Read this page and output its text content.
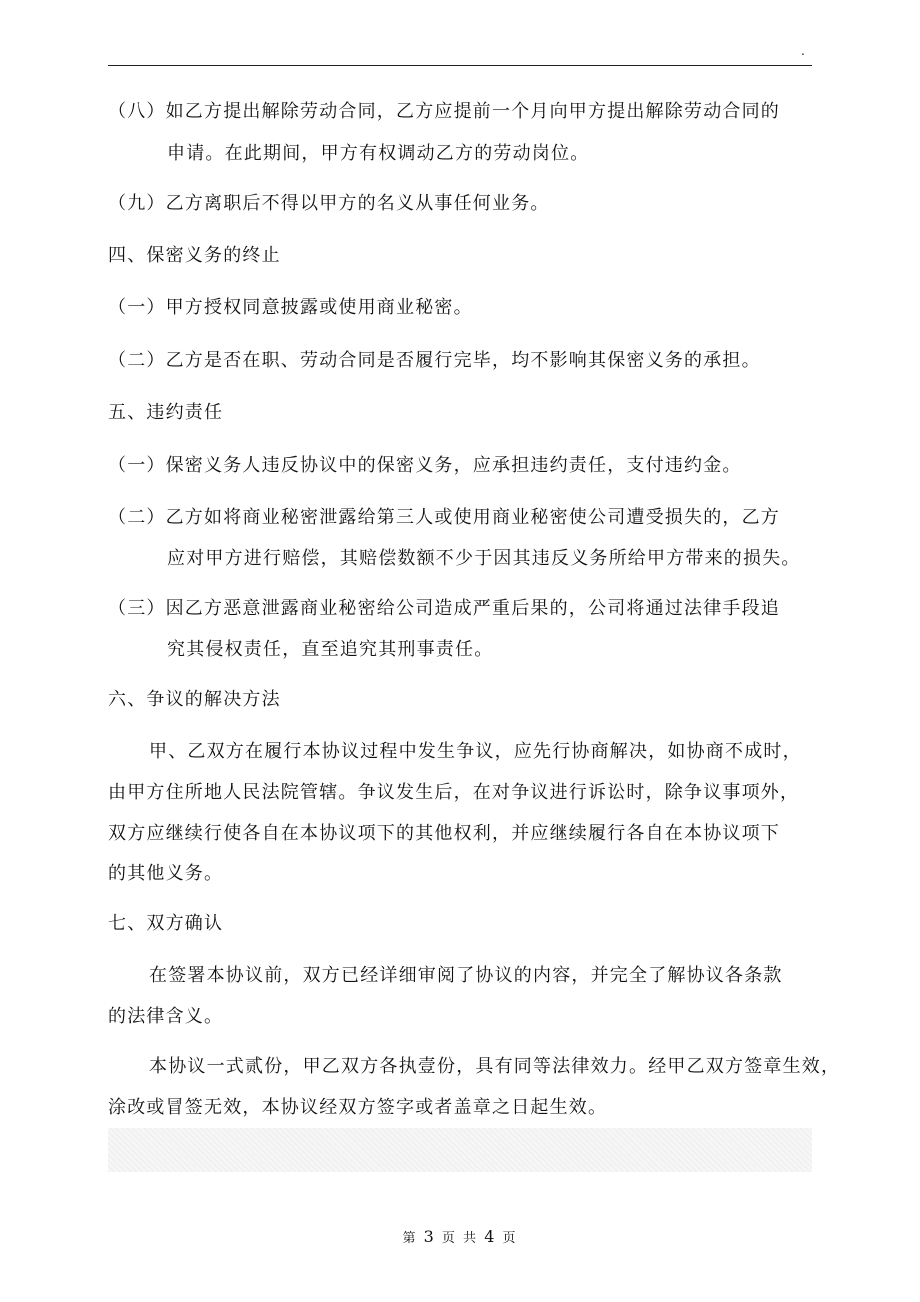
.
（八）如乙方提出解除劳动合同，乙方应提前一个月向甲方提出解除劳动合同的
申请。在此期间，甲方有权调动乙方的劳动岗位。
（九）乙方离职后不得以甲方的名义从事任何业务。
四、保密义务的终止
（一）甲方授权同意披露或使用商业秘密。
（二）乙方是否在职、劳动合同是否履行完毕，均不影响其保密义务的承担。
五、违约责任
（一）保密义务人违反协议中的保密义务，应承担违约责任，支付违约金。
（二）乙方如将商业秘密泄露给第三人或使用商业秘密使公司遭受损失的，乙方
应对甲方进行赔偿，其赔偿数额不少于因其违反义务所给甲方带来的损失。
（三）因乙方恶意泄露商业秘密给公司造成严重后果的，公司将通过法律手段追
究其侵权责任，直至追究其刑事责任。
六、争议的解决方法
甲、乙双方在履行本协议过程中发生争议，应先行协商解决，如协商不成时，
由甲方住所地人民法院管辖。争议发生后，在对争议进行诉讼时，除争议事项外，
双方应继续行使各自在本协议项下的其他权利，并应继续履行各自在本协议项下
的其他义务。
七、双方确认
在签署本协议前，双方已经详细审阅了协议的内容，并完全了解协议各条款
的法律含义。
本协议一式贰份，甲乙双方各执壹份，具有同等法律效力。经甲乙双方签章生效，
涂改或冒签无效，本协议经双方签字或者盖章之日起生效。
第 3 页 共 4 页
